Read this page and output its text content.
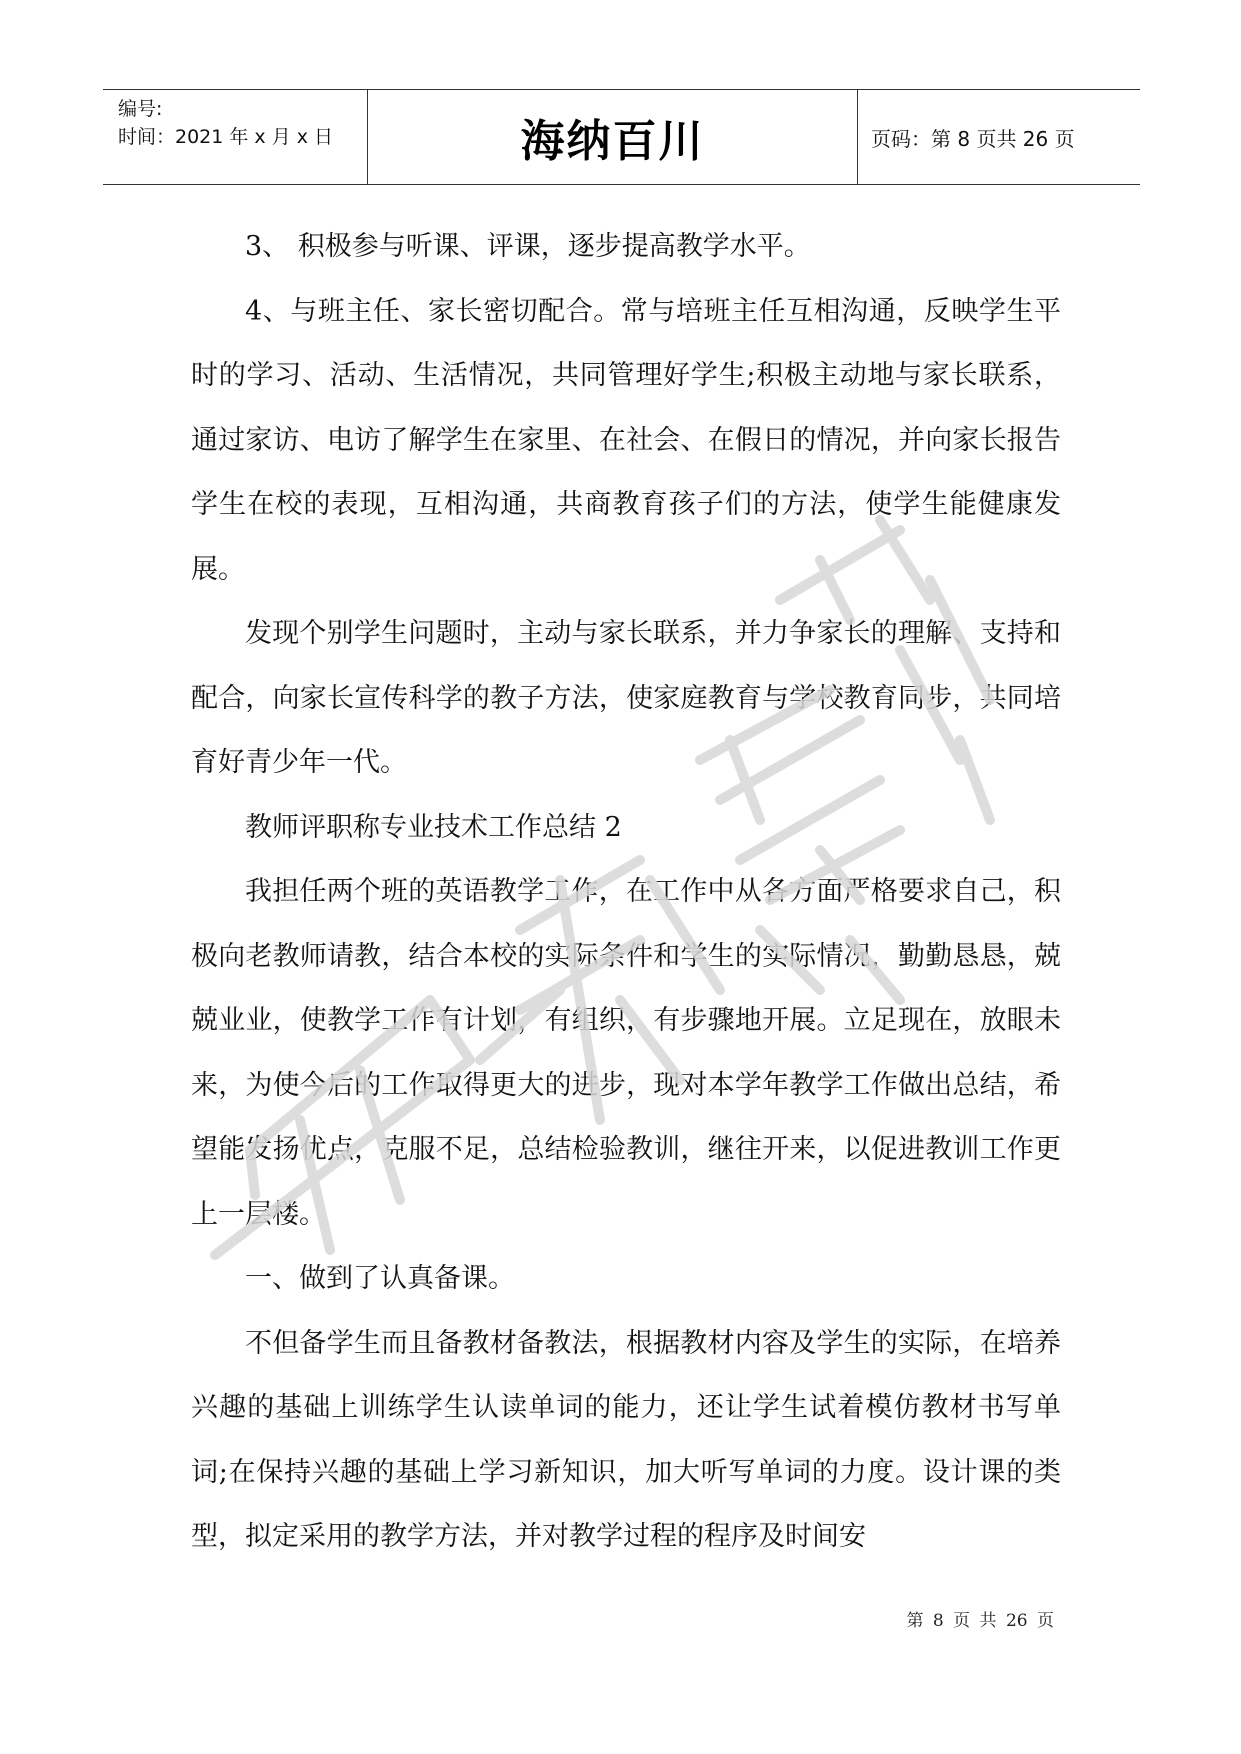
编号:
时间：2021 年 x 月 x 日	海纳百川	页码：第 8 页共 26 页

3、 积极参与听课、评课，逐步提高教学水平。

4、与班主任、家长密切配合。常与培班主任互相沟通，反映学生平时的学习、活动、生活情况，共同管理好学生;积极主动地与家长联系，通过家访、电访了解学生在家里、在社会、在假日的情况，并向家长报告学生在校的表现，互相沟通，共商教育孩子们的方法，使学生能健康发展。

发现个别学生问题时，主动与家长联系，并力争家长的理解、支持和配合，向家长宣传科学的教子方法，使家庭教育与学校教育同步，共同培育好青少年一代。

教师评职称专业技术工作总结 2

我担任两个班的英语教学工作，在工作中从各方面严格要求自己，积极向老教师请教，结合本校的实际条件和学生的实际情况，勤勤恳恳，兢兢业业，使教学工作有计划，有组织，有步骤地开展。立足现在，放眼未来，为使今后的工作取得更大的进步，现对本学年教学工作做出总结，希望能发扬优点，克服不足，总结检验教训，继往开来，以促进教训工作更上一层楼。

一、做到了认真备课。

不但备学生而且备教材备教法，根据教材内容及学生的实际，在培养兴趣的基础上训练学生认读单词的能力，还让学生试着模仿教材书写单词;在保持兴趣的基础上学习新知识，加大听写单词的力度。设计课的类型，拟定采用的教学方法，并对教学过程的程序及时间安

第 8 页 共 26 页
